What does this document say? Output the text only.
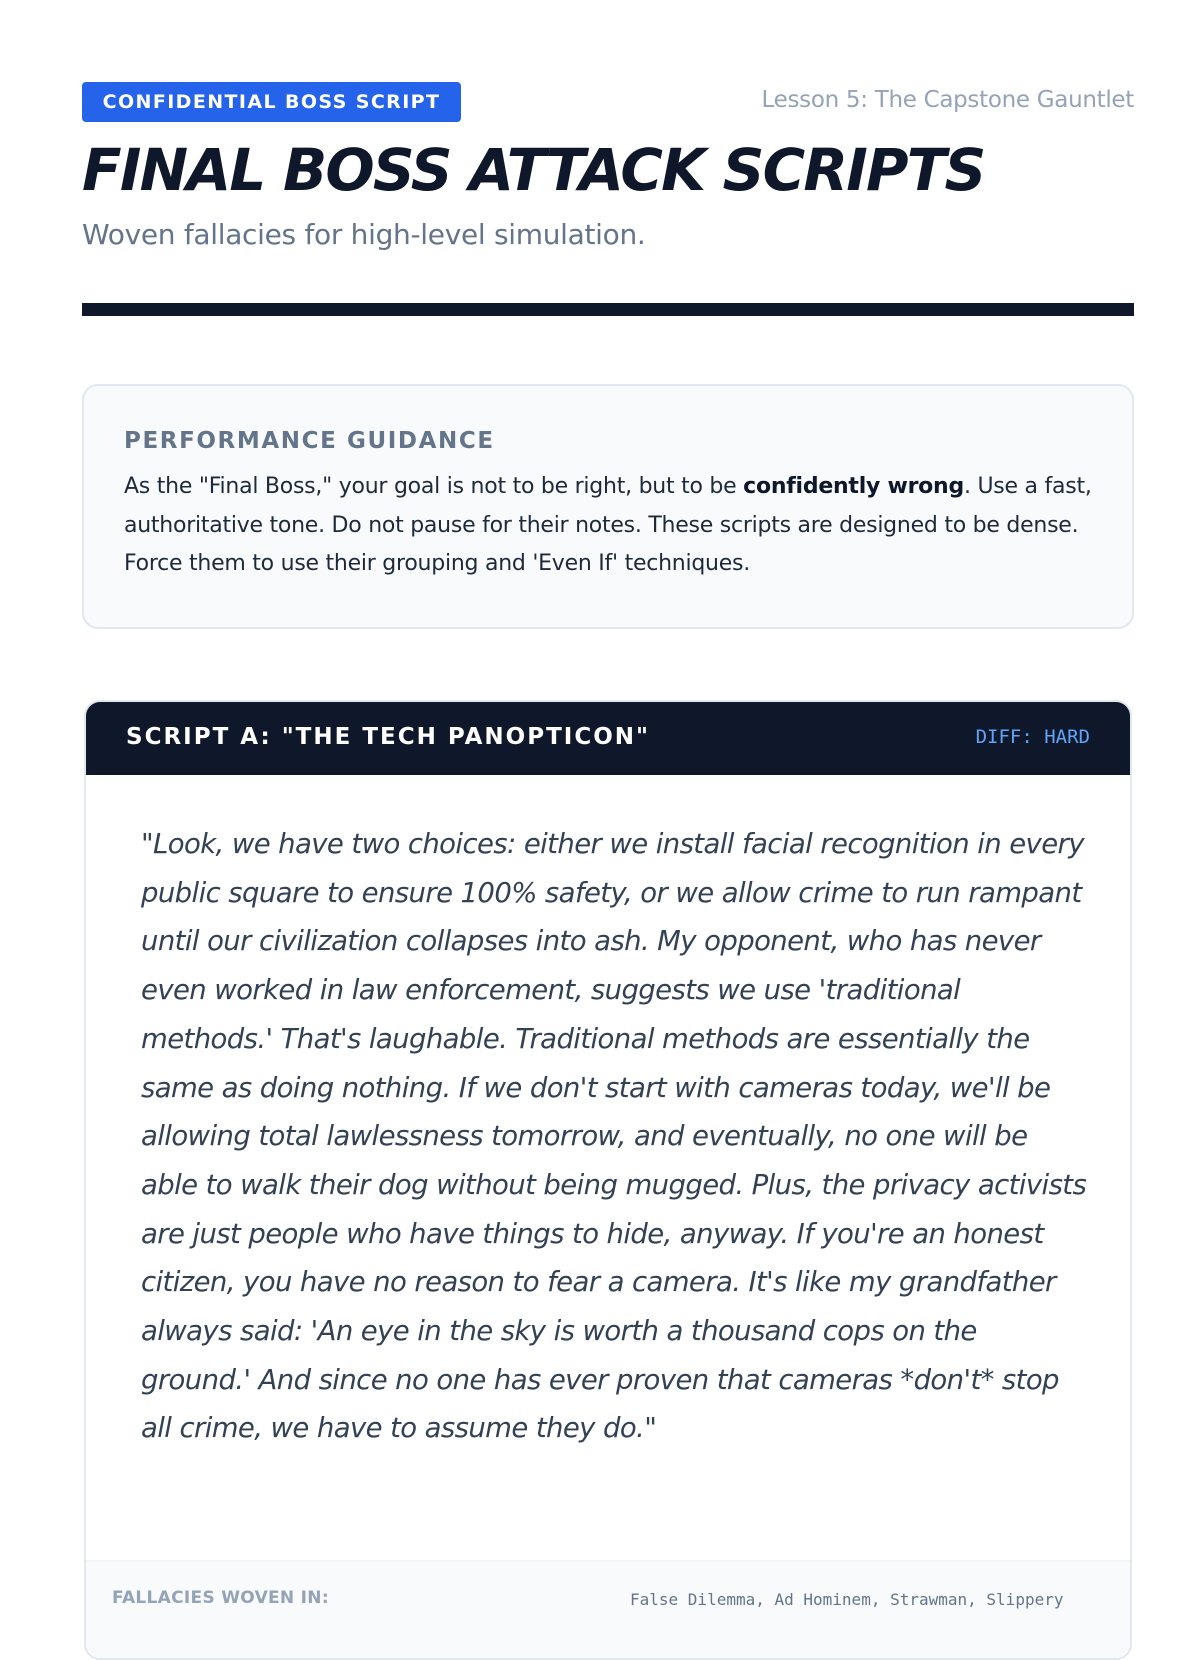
CONFIDENTIAL BOSS SCRIPT	Lesson 5: The Capstone Gauntlet
FINAL BOSS ATTACK SCRIPTS
Woven fallacies for high-level simulation.
PERFORMANCE GUIDANCE
As the "Final Boss," your goal is not to be right, but to be confidently wrong. Use a fast, authoritative tone. Do not pause for their notes. These scripts are designed to be dense. Force them to use their grouping and 'Even If' techniques.
SCRIPT A: "THE TECH PANOPTICON"	DIFF: HARD

"Look, we have two choices: either we install facial recognition in every public square to ensure 100% safety, or we allow crime to run rampant until our civilization collapses into ash. My opponent, who has never even worked in law enforcement, suggests we use 'traditional methods.' That's laughable. Traditional methods are essentially the same as doing nothing. If we don't start with cameras today, we'll be allowing total lawlessness tomorrow, and eventually, no one will be able to walk their dog without being mugged. Plus, the privacy activists are just people who have things to hide, anyway. If you're an honest citizen, you have no reason to fear a camera. It's like my grandfather always said: 'An eye in the sky is worth a thousand cops on the ground.' And since no one has ever proven that cameras *don't* stop all crime, we have to assume they do."

FALLACIES WOVEN IN:	False Dilemma, Ad Hominem, Strawman, Slippery
